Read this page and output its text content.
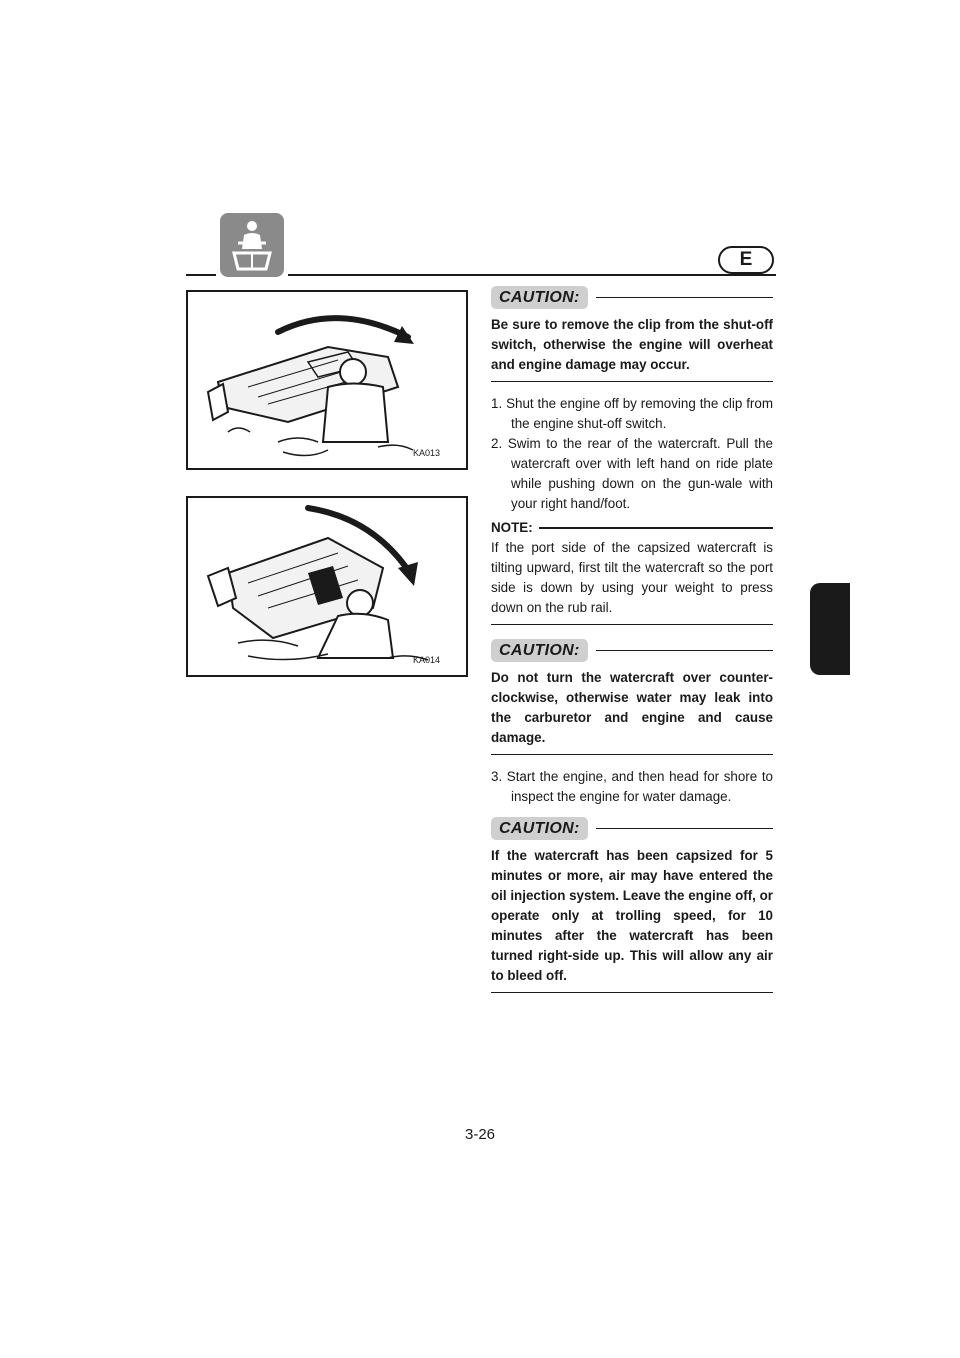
E
KA013
KA014
CAUTION:
Be sure to remove the clip from the shut-off switch, otherwise the engine will overheat and engine damage may occur.
1. Shut the engine off by removing the clip from the engine shut-off switch.
2. Swim to the rear of the watercraft. Pull the watercraft over with left hand on ride plate while pushing down on the gun-wale with your right hand/foot.
NOTE:
If the port side of the capsized watercraft is tilting upward, first tilt the watercraft so the port side is down by using your weight to press down on the rub rail.
CAUTION:
Do not turn the watercraft over counter-clockwise, otherwise water may leak into the carburetor and engine and cause damage.
3. Start the engine, and then head for shore to inspect the engine for water damage.
CAUTION:
If the watercraft has been capsized for 5 minutes or more, air may have entered the oil injection system. Leave the engine off, or operate only at trolling speed, for 10 minutes after the watercraft has been turned right-side up. This will allow any air to bleed off.
3-26
